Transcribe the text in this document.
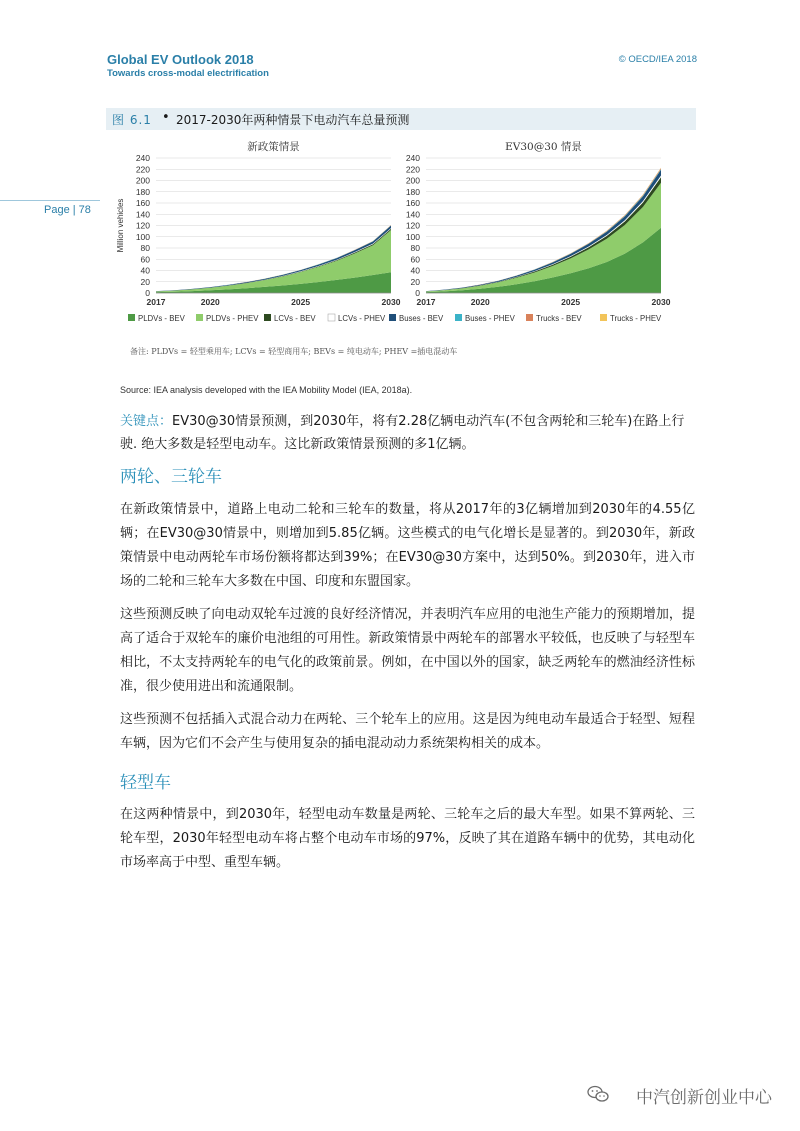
Global EV Outlook 2018
Towards cross-modal electrification
© OECD/IEA 2018
Page | 78
图 6.1 • 2017-2030年两种情景下电动汽车总量预测
新政策情景
0
20
40
60
80
100
120
140
160
180
200
220
240
2017	2020	2025	2030
Million vehicles
EV30@30 情景
0
20
40
60
80
100
120
140
160
180
200
220
240
2017	2020	2025	2030
PLDVs - BEV	PLDVs - PHEV LCVs - BEV	LCVs - PHEV Buses - BEV	Buses - PHEV	Trucks - BEV	Trucks - PHEV
备注: PLDVs = 轻型乘用车; LCVs = 轻型商用车; BEVs = 纯电动车; PHEV =插电混动车
Source: IEA analysis developed with the IEA Mobility Model (IEA, 2018a).
关键点：EV30@30情景预测，到2030年，将有2.28亿辆电动汽车(不包含两轮和三轮车)在路上行驶. 绝大多数是轻型电动车。这比新政策情景预测的多1亿辆。
两轮、三轮车
在新政策情景中，道路上电动二轮和三轮车的数量，将从2017年的3亿辆增加到2030年的4.55亿辆；在EV30@30情景中，则增加到5.85亿辆。这些模式的电气化增长是显著的。到2030年，新政策情景中电动两轮车市场份额将都达到39%；在EV30@30方案中，达到50%。到2030年，进入市场的二轮和三轮车大多数在中国、印度和东盟国家。
这些预测反映了向电动双轮车过渡的良好经济情况，并表明汽车应用的电池生产能力的预期增加，提高了适合于双轮车的廉价电池组的可用性。新政策情景中两轮车的部署水平较低，也反映了与轻型车相比，不太支持两轮车的电气化的政策前景。例如，在中国以外的国家，缺乏两轮车的燃油经济性标准，很少使用进出和流通限制。
这些预测不包括插入式混合动力在两轮、三个轮车上的应用。这是因为纯电动车最适合于轻型、短程车辆，因为它们不会产生与使用复杂的插电混动动力系统架构相关的成本。
轻型车
在这两种情景中，到2030年，轻型电动车数量是两轮、三轮车之后的最大车型。如果不算两轮、三轮车型，2030年轻型电动车将占整个电动车市场的97%，反映了其在道路车辆中的优势，其电动化市场率高于中型、重型车辆。
中汽创新创业中心
